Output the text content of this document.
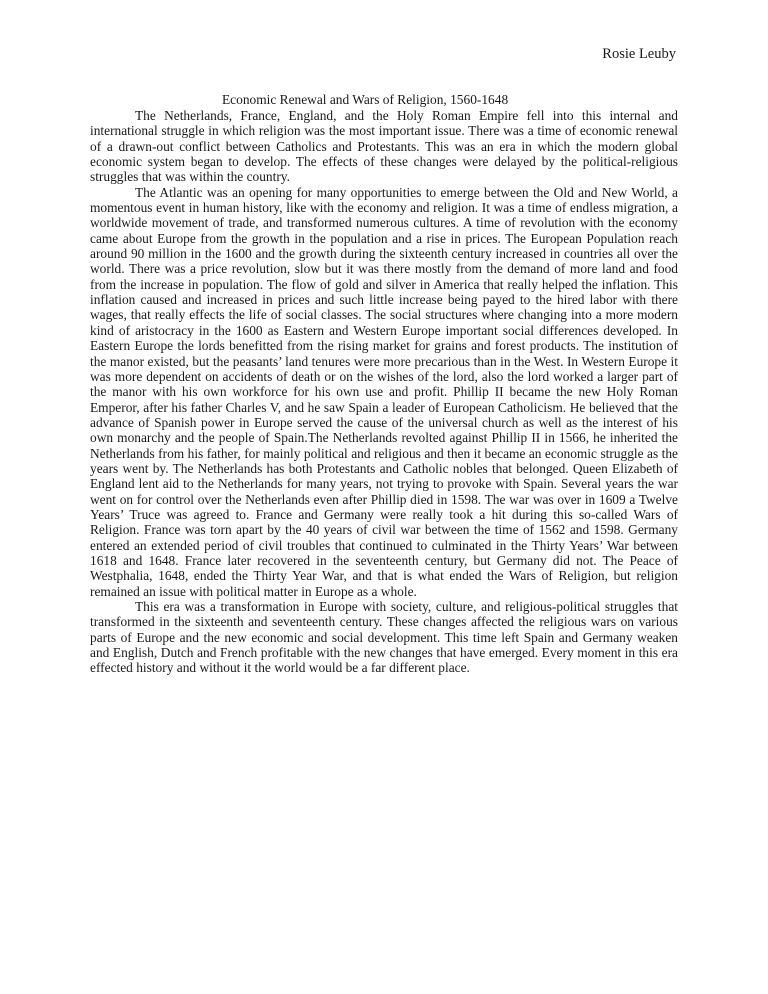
Rosie Leuby
Economic Renewal and Wars of Religion, 1560-1648

The Netherlands, France, England, and the Holy Roman Empire fell into this internal and international struggle in which religion was the most important issue. There was a time of economic renewal of a drawn-out conflict between Catholics and Protestants. This was an era in which the modern global economic system began to develop. The effects of these changes were delayed by the political-religious struggles that was within the country.

The Atlantic was an opening for many opportunities to emerge between the Old and New World, a momentous event in human history, like with the economy and religion. It was a time of endless migration, a worldwide movement of trade, and transformed numerous cultures. A time of revolution with the economy came about Europe from the growth in the population and a rise in prices. The European Population reach around 90 million in the 1600 and the growth during the sixteenth century increased in countries all over the world. There was a price revolution, slow but it was there mostly from the demand of more land and food from the increase in population. The flow of gold and silver in America that really helped the inflation. This inflation caused and increased in prices and such little increase being payed to the hired labor with there wages, that really effects the life of social classes. The social structures where changing into a more modern kind of aristocracy in the 1600 as Eastern and Western Europe important social differences developed. In Eastern Europe the lords benefitted from the rising market for grains and forest products. The institution of the manor existed, but the peasants’ land tenures were more precarious than in the West. In Western Europe it was more dependent on accidents of death or on the wishes of the lord, also the lord worked a larger part of the manor with his own workforce for his own use and profit. Phillip II became the new Holy Roman Emperor, after his father Charles V, and he saw Spain a leader of European Catholicism. He believed that the advance of Spanish power in Europe served the cause of the universal church as well as the interest of his own monarchy and the people of Spain.The Netherlands revolted against Phillip II in 1566, he inherited the Netherlands from his father, for mainly political and religious and then it became an economic struggle as the years went by. The Netherlands has both Protestants and Catholic nobles that belonged. Queen Elizabeth of England lent aid to the Netherlands for many years, not trying to provoke with Spain. Several years the war went on for control over the Netherlands even after Phillip died in 1598. The war was over in 1609 a Twelve Years’ Truce was agreed to. France and Germany were really took a hit during this so-called Wars of Religion. France was torn apart by the 40 years of civil war between the time of 1562 and 1598. Germany entered an extended period of civil troubles that continued to culminated in the Thirty Years’ War between 1618 and 1648. France later recovered in the seventeenth century, but Germany did not. The Peace of Westphalia, 1648, ended the Thirty Year War, and that is what ended the Wars of Religion, but religion remained an issue with political matter in Europe as a whole.

This era was a transformation in Europe with society, culture, and religious-political struggles that transformed in the sixteenth and seventeenth century. These changes affected the religious wars on various parts of Europe and the new economic and social development. This time left Spain and Germany weaken and English, Dutch and French profitable with the new changes that have emerged. Every moment in this era effected history and without it the world would be a far different place.
